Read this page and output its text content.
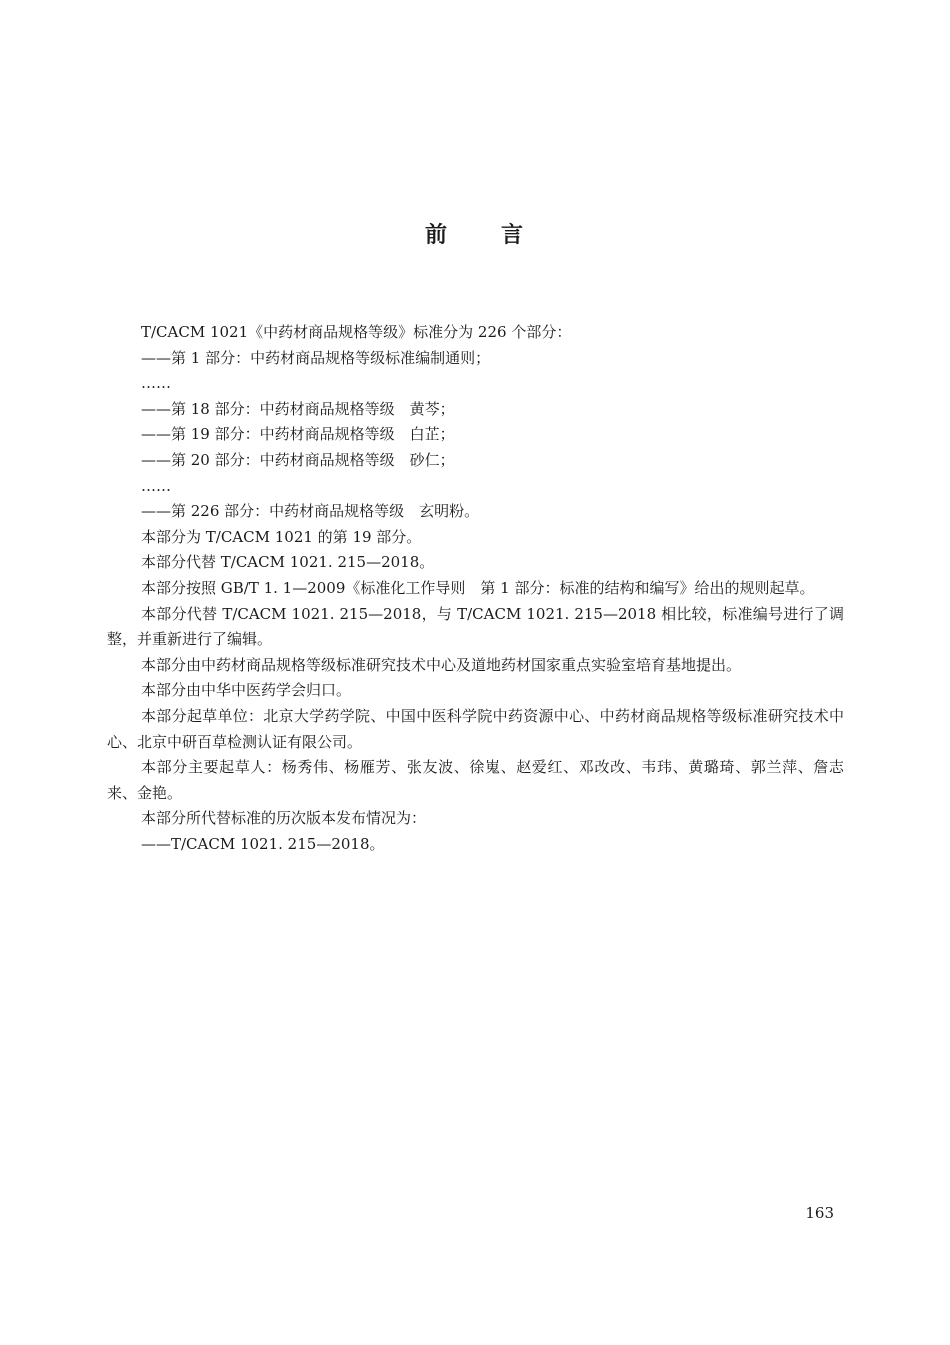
前 言

T/CACM 1021《中药材商品规格等级》标准分为 226 个部分：

——第 1 部分：中药材商品规格等级标准编制通则；

……

——第 18 部分：中药材商品规格等级　黄芩；

——第 19 部分：中药材商品规格等级　白芷；

——第 20 部分：中药材商品规格等级　砂仁；

……

——第 226 部分：中药材商品规格等级　玄明粉。

本部分为 T/CACM 1021 的第 19 部分。

本部分代替 T/CACM 1021. 215—2018。

本部分按照 GB/T 1. 1—2009《标准化工作导则　第 1 部分：标准的结构和编写》给出的规则起草。

本部分代替 T/CACM 1021. 215—2018，与 T/CACM 1021. 215—2018 相比较，标准编号进行了调整，并重新进行了编辑。

本部分由中药材商品规格等级标准研究技术中心及道地药材国家重点实验室培育基地提出。

本部分由中华中医药学会归口。

本部分起草单位：北京大学药学院、中国中医科学院中药资源中心、中药材商品规格等级标准研究技术中心、北京中研百草检测认证有限公司。

本部分主要起草人：杨秀伟、杨雁芳、张友波、徐嵬、赵爱红、邓改改、韦玮、黄璐琦、郭兰萍、詹志来、金艳。

本部分所代替标准的历次版本发布情况为：

——T/CACM 1021. 215—2018。

163
